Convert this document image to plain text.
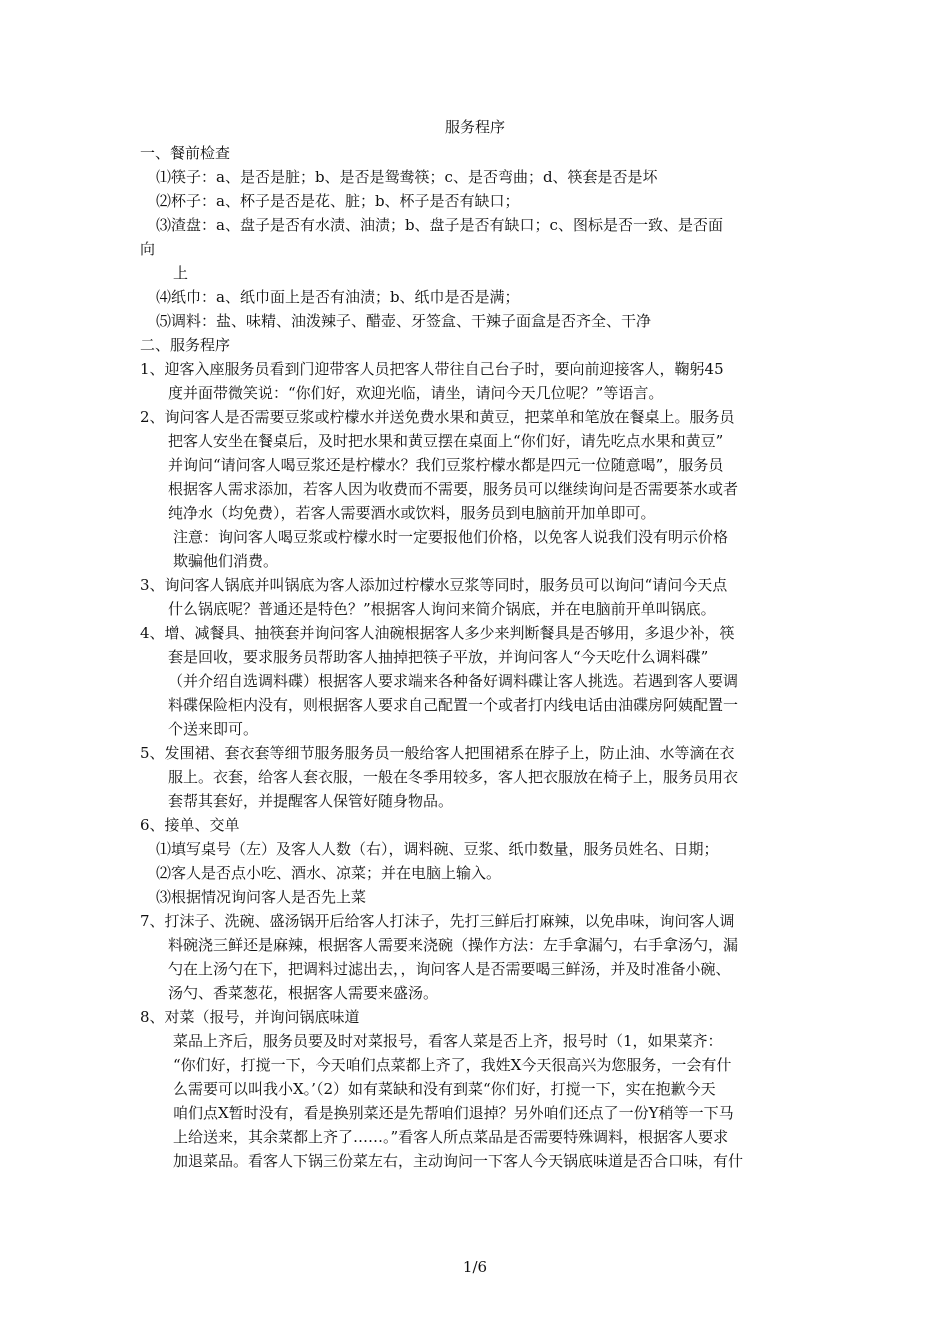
服务程序
一、餐前检查
⑴筷子：a、是否是脏；b、是否是鸳鸯筷；c、是否弯曲；d、筷套是否是坏
⑵杯子：a、杯子是否是花、脏；b、杯子是否有缺口；
⑶渣盘：a、盘子是否有水渍、油渍；b、盘子是否有缺口；c、图标是否一致、是否面
向
上
⑷纸巾：a、纸巾面上是否有油渍；b、纸巾是否是满；
⑸调料：盐、味精、油泼辣子、醋壶、牙签盒、干辣子面盒是否齐全、干净
二、服务程序
1、迎客入座服务员看到门迎带客人员把客人带往自己台子时，要向前迎接客人，鞠躬45
度并面带微笑说：“你们好，欢迎光临，请坐，请问今天几位呢？”等语言。
2、询问客人是否需要豆浆或柠檬水并送免费水果和黄豆，把菜单和笔放在餐桌上。服务员
把客人安坐在餐桌后，及时把水果和黄豆摆在桌面上“你们好，请先吃点水果和黄豆”
并询问“请问客人喝豆浆还是柠檬水？我们豆浆柠檬水都是四元一位随意喝”，服务员
根据客人需求添加，若客人因为收费而不需要，服务员可以继续询问是否需要茶水或者
纯净水（均免费），若客人需要酒水或饮料，服务员到电脑前开加单即可。
注意：询问客人喝豆浆或柠檬水时一定要报他们价格，以免客人说我们没有明示价格
欺骗他们消费。
3、询问客人锅底并叫锅底为客人添加过柠檬水豆浆等同时，服务员可以询问“请问今天点
什么锅底呢？普通还是特色？”根据客人询问来简介锅底，并在电脑前开单叫锅底。
4、增、减餐具、抽筷套并询问客人油碗根据客人多少来判断餐具是否够用，多退少补，筷
套是回收，要求服务员帮助客人抽掉把筷子平放，并询问客人“今天吃什么调料碟”
（并介绍自选调料碟）根据客人要求端来各种备好调料碟让客人挑选。若遇到客人要调
料碟保险柜内没有，则根据客人要求自己配置一个或者打内线电话由油碟房阿姨配置一
个送来即可。
5、发围裙、套衣套等细节服务服务员一般给客人把围裙系在脖子上，防止油、水等滴在衣
服上。衣套，给客人套衣服，一般在冬季用较多，客人把衣服放在椅子上，服务员用衣
套帮其套好，并提醒客人保管好随身物品。
6、接单、交单
⑴填写桌号（左）及客人人数（右），调料碗、豆浆、纸巾数量，服务员姓名、日期；
⑵客人是否点小吃、酒水、凉菜；并在电脑上输入。
⑶根据情况询问客人是否先上菜
7、打沫子、洗碗、盛汤锅开后给客人打沫子，先打三鲜后打麻辣，以免串味，询问客人调
料碗浇三鲜还是麻辣，根据客人需要来浇碗（操作方法：左手拿漏勺，右手拿汤勺，漏
勺在上汤勺在下，把调料过滤出去，，询问客人是否需要喝三鲜汤，并及时准备小碗、
汤勺、香菜葱花，根据客人需要来盛汤。
8、对菜（报号，并询问锅底味道
菜品上齐后，服务员要及时对菜报号，看客人菜是否上齐，报号时（1，如果菜齐：
“你们好，打搅一下，今天咱们点菜都上齐了，我姓X今天很高兴为您服务，一会有什
么需要可以叫我小X。’（2）如有菜缺和没有到菜“你们好，打搅一下，实在抱歉今天
咱们点X暂时没有，看是换别菜还是先帮咱们退掉？另外咱们还点了一份Y稍等一下马
上给送来，其余菜都上齐了……。”看客人所点菜品是否需要特殊调料，根据客人要求
加退菜品。看客人下锅三份菜左右，主动询问一下客人今天锅底味道是否合口味，有什
1/6
